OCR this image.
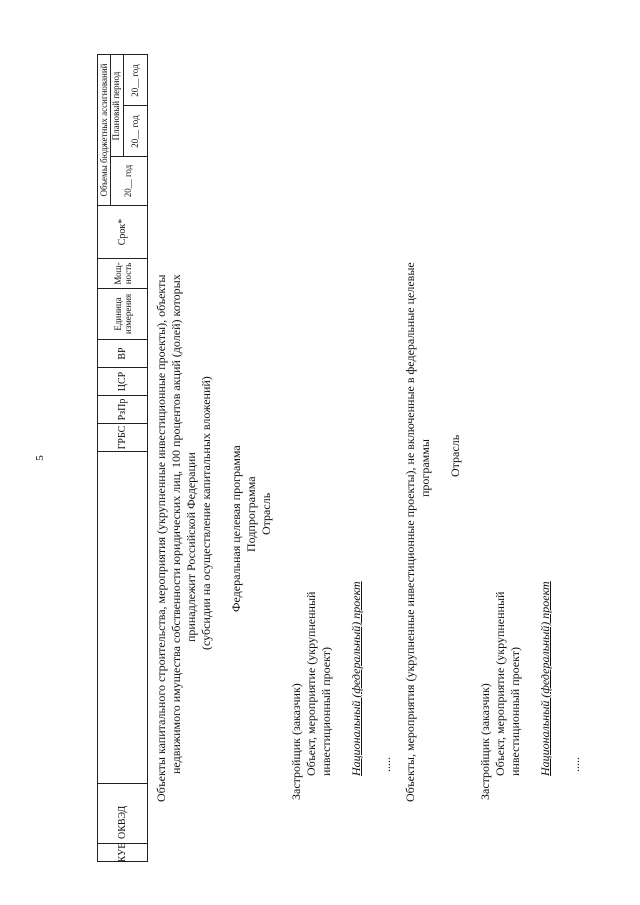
5
КУЕ
ОКВЭД
ГРБС
РзПр
ЦСР
ВР
Единица измерения
Мощ-ность
Срок*
Объемы бюджетных ассигнований	20__ год
Плановый период 20__ год
20__ год
Объекты капитального строительства, мероприятия (укрупненные инвестиционные проекты), объекты недвижимого имущества собственности юридических лиц, 100 процентов акций (долей) которых принадлежит Российской Федерации (субсидии на осуществление капитальных вложений) Федеральная целевая программа Подпрограмма Отрасль
Застройщик (заказчик) Объект, мероприятие (укрупненный инвестиционный проект) Национальный (федеральный) проект ..... Объекты, мероприятия (укрупненные инвестиционные проекты), не включенные в федеральные целевые программы Отрасль
Застройщик (заказчик) Объект, мероприятие (укрупненный инвестиционный проект) Национальный (федеральный) проект .....
